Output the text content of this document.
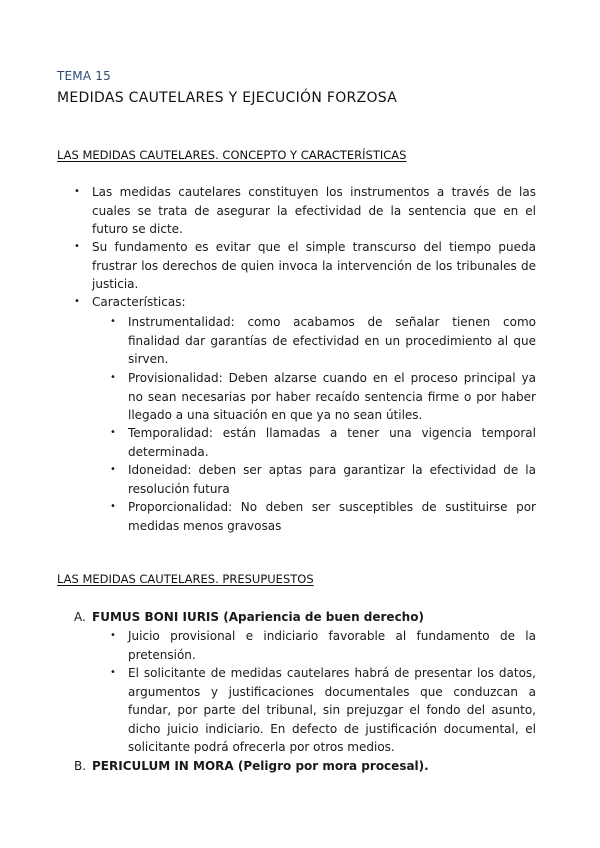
TEMA 15
MEDIDAS CAUTELARES Y EJECUCIÓN FORZOSA
LAS MEDIDAS CAUTELARES. CONCEPTO Y CARACTERÍSTICAS
• Las medidas cautelares constituyen los instrumentos a través de las cuales se trata de asegurar la efectividad de la sentencia que en el futuro se dicte.

• Su fundamento es evitar que el simple transcurso del tiempo pueda frustrar los derechos de quien invoca la intervención de los tribunales de justicia.

• Características:

• Instrumentalidad: como acabamos de señalar tienen como finalidad dar garantías de efectividad en un procedimiento al que sirven.

• Provisionalidad: Deben alzarse cuando en el proceso principal ya no sean necesarias por haber recaído sentencia firme o por haber llegado a una situación en que ya no sean útiles.

• Temporalidad: están llamadas a tener una vigencia temporal determinada.

• Idoneidad: deben ser aptas para garantizar la efectividad de la resolución futura

• Proporcionalidad: No deben ser susceptibles de sustituirse por medidas menos gravosas

LAS MEDIDAS CAUTELARES. PRESUPUESTOS
A. FUMUS BONI IURIS (Apariencia de buen derecho)
• Juicio provisional e indiciario favorable al fundamento de la pretensión.

• El solicitante de medidas cautelares habrá de presentar los datos, argumentos y justificaciones documentales que conduzcan a fundar, por parte del tribunal, sin prejuzgar el fondo del asunto, dicho juicio indiciario. En defecto de justificación documental, el solicitante podrá ofrecerla por otros medios.

B. PERICULUM IN MORA (Peligro por mora procesal).
